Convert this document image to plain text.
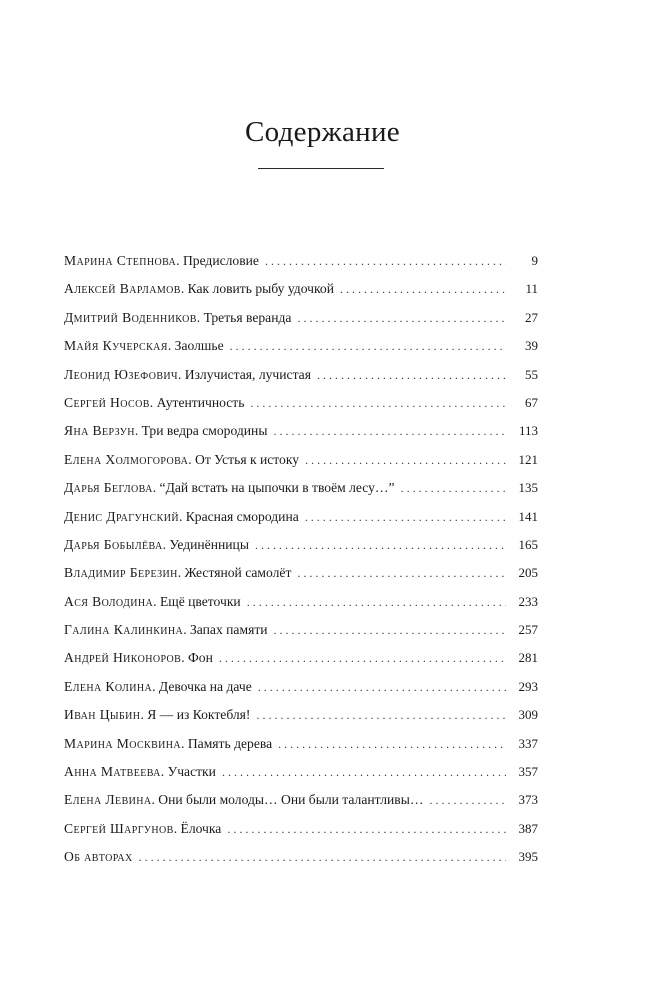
Содержание
Марина Степнова . Предисловие . . .	9
Алексей Варламов . Как ловить рыбу удочкой . . .	11
Дмитрий Воденников . Третья веранда . . .	27
Майя Кучерская . Заолшье . . .	39
Леонид Юзефович . Излучистая, лучистая . . .	55
Сергей Носов . Аутентичность . . .	67
Яна Верзун . Три ведра смородины . . .	113
Елена Холмогорова . От Устья к истоку . . .	121
Дарья Беглова . “Дай встать на цыпочки в твоём лесу…” . . .	135
Денис Драгунский . Красная смородина . . .	141
Дарья Бобылёва . Уединённицы . . .	165
Владимир Березин . Жестяной самолёт . . .	205
Ася Володина . Ещё цветочки . . .	233
Галина Калинкина . Запах памяти . . .	257
Андрей Никоноров . Фон . . .	281
Елена Колина . Девочка на даче . . .	293
Иван Цыбин . Я — из Коктебля! . . .	309
Марина Москвина . Память дерева . . .	337
Анна Матвеева . Участки . . .	357
Елена Левина . Они были молоды… Они были талантливы… . . .	373
Сергей Шаргунов . Ёлочка . . .	387
Об авторах . . .	395
